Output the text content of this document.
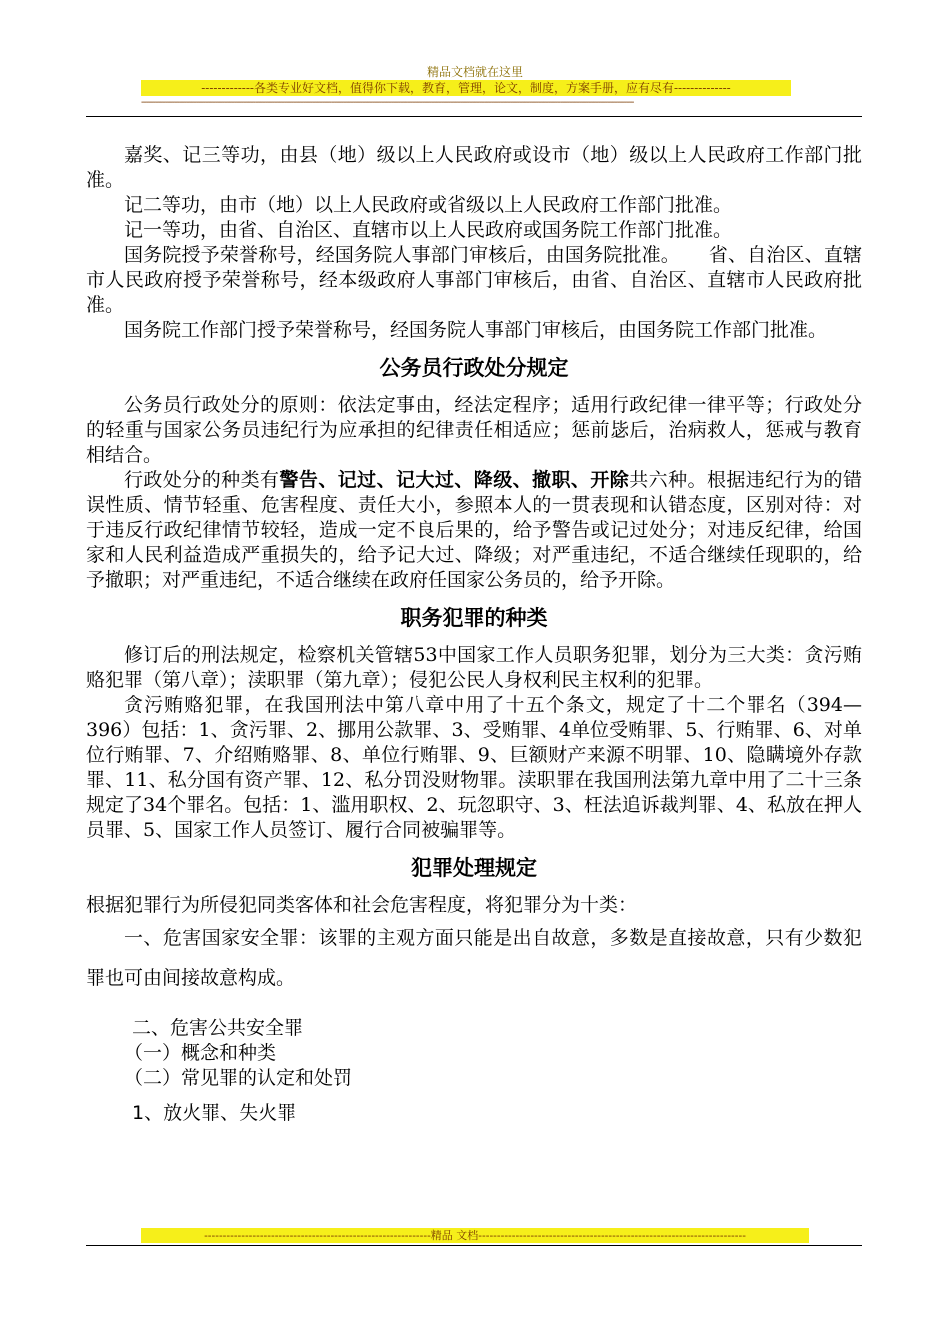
精品文档就在这里
-------------各类专业好文档，值得你下载，教育，管理，论文，制度，方案手册，应有尽有--------------
---------------------------------------------------------------------------------------------------------------------------------------------------------------------------------------------------------------

嘉奖、记三等功，由县（地）级以上人民政府或设市（地）级以上人民政府工作部门批准。

记二等功，由市（地）以上人民政府或省级以上人民政府工作部门批准。

记一等功，由省、自治区、直辖市以上人民政府或国务院工作部门批准。

国务院授予荣誉称号，经国务院人事部门审核后，由国务院批准。　　省、自治区、直辖市人民政府授予荣誉称号，经本级政府人事部门审核后，由省、自治区、直辖市人民政府批准。

国务院工作部门授予荣誉称号，经国务院人事部门审核后，由国务院工作部门批准。

公务员行政处分规定

公务员行政处分的原则：依法定事由，经法定程序；适用行政纪律一律平等；行政处分的轻重与国家公务员违纪行为应承担的纪律责任相适应；惩前毖后，治病救人，惩戒与教育相结合。

行政处分的种类有警告、记过、记大过、降级、撤职、开除共六种。根据违纪行为的错误性质、情节轻重、危害程度、责任大小，参照本人的一贯表现和认错态度，区别对待：对于违反行政纪律情节较轻，造成一定不良后果的，给予警告或记过处分；对违反纪律，给国家和人民利益造成严重损失的，给予记大过、降级；对严重违纪，不适合继续任现职的，给予撤职；对严重违纪，不适合继续在政府任国家公务员的，给予开除。

职务犯罪的种类

修订后的刑法规定，检察机关管辖53中国家工作人员职务犯罪，划分为三大类：贪污贿赂犯罪（第八章）；渎职罪（第九章）；侵犯公民人身权利民主权利的犯罪。

贪污贿赂犯罪，在我国刑法中第八章中用了十五个条文，规定了十二个罪名（394—396）包括：1、贪污罪、2、挪用公款罪、3、受贿罪、4单位受贿罪、5、行贿罪、6、对单位行贿罪、7、介绍贿赂罪、8、单位行贿罪、9、巨额财产来源不明罪、10、隐瞒境外存款罪、11、私分国有资产罪、12、私分罚没财物罪。渎职罪在我国刑法第九章中用了二十三条规定了34个罪名。包括：1、滥用职权、2、玩忽职守、3、枉法追诉裁判罪、4、私放在押人员罪、5、国家工作人员签订、履行合同被骗罪等。

犯罪处理规定

根据犯罪行为所侵犯同类客体和社会危害程度，将犯罪分为十类：

一、危害国家安全罪：该罪的主观方面只能是出自故意，多数是直接故意，只有少数犯罪也可由间接故意构成。

二、危害公共安全罪

（一）概念和种类

（二）常见罪的认定和处罚

1、放火罪、失火罪

-------------------------------------------------------------精品 文档------------------------------------------------------------------------
